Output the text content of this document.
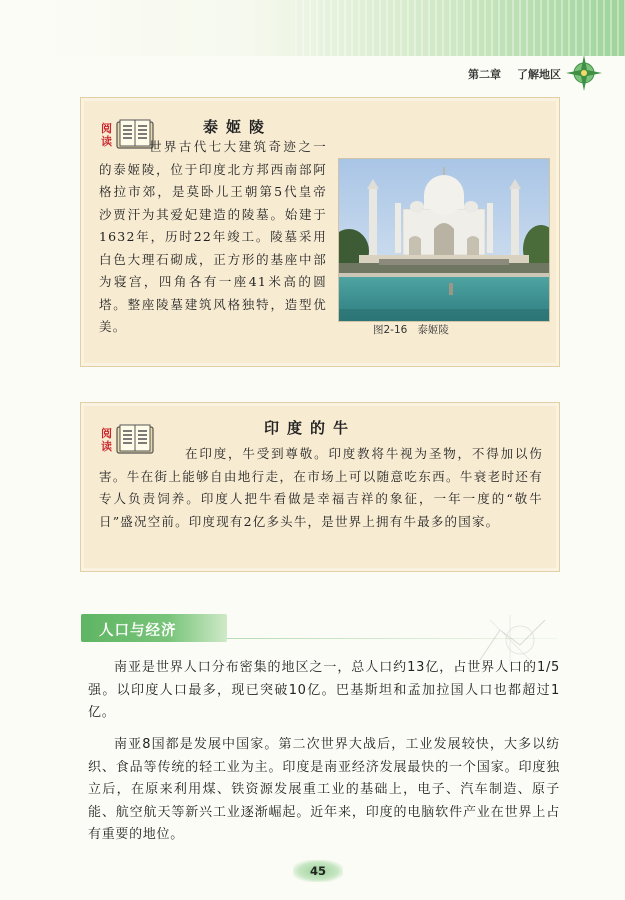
第二章 了解地区
阅
读
泰姬陵
世界古代七大建筑奇迹之一的泰姬陵，位于印度北方邦西南部阿格拉市郊，是莫卧儿王朝第5代皇帝沙贾汗为其爱妃建造的陵墓。始建于1632年，历时22年竣工。陵墓采用白色大理石砌成，正方形的基座中部为寝宫，四角各有一座41米高的圆塔。整座陵墓建筑风格独特，造型优美。	图2-16 泰姬陵
阅
读
印度的牛
在印度，牛受到尊敬。印度教将牛视为圣物，不得加以伤害。牛在街上能够自由地行走，在市场上可以随意吃东西。牛衰老时还有专人负责饲养。印度人把牛看做是幸福吉祥的象征，一年一度的“敬牛日”盛况空前。印度现有2亿多头牛，是世界上拥有牛最多的国家。
人口与经济
南亚是世界人口分布密集的地区之一，总人口约13亿，占世界人口的1/5强。以印度人口最多，现已突破10亿。巴基斯坦和孟加拉国人口也都超过1亿。
南亚8国都是发展中国家。第二次世界大战后，工业发展较快，大多以纺织、食品等传统的轻工业为主。印度是南亚经济发展最快的一个国家。印度独立后，在原来利用煤、铁资源发展重工业的基础上，电子、汽车制造、原子能、航空航天等新兴工业逐渐崛起。近年来，印度的电脑软件产业在世界上占有重要的地位。
45
